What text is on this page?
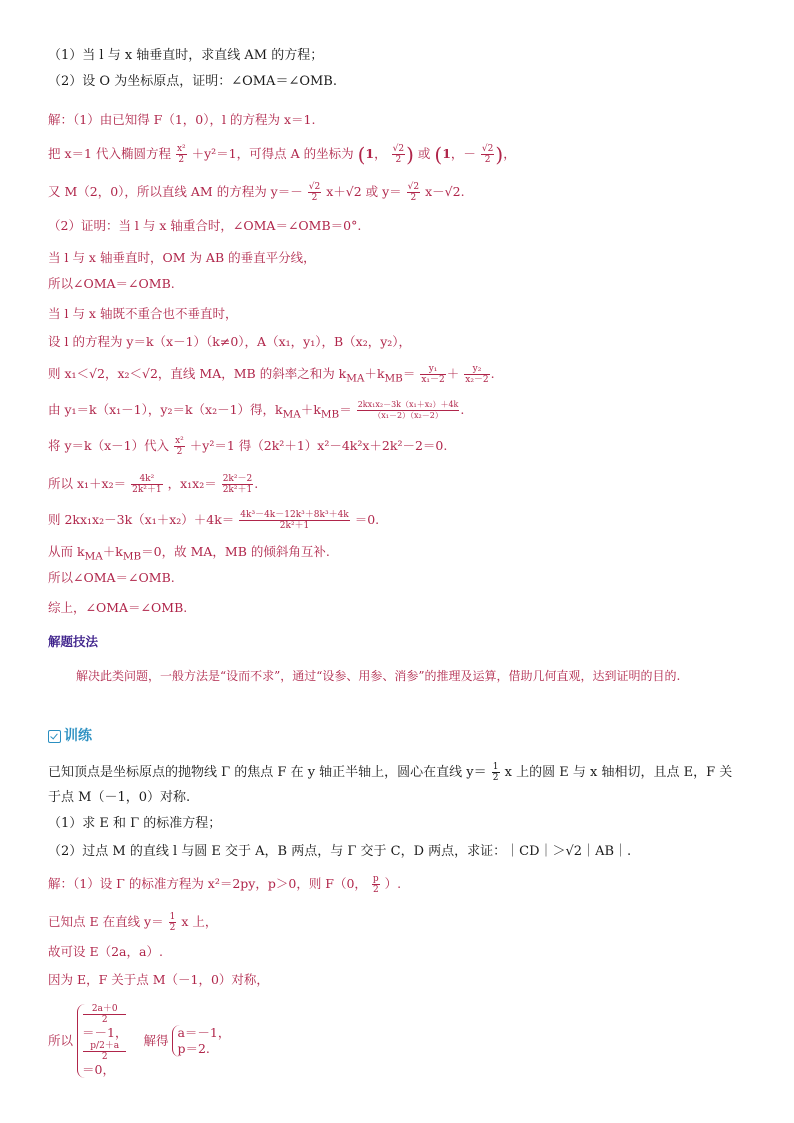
（1）当 l 与 x 轴垂直时，求直线 AM 的方程；
（2）设 O 为坐标原点，证明：∠OMA＝∠OMB.
解：（1）由已知得 F（1，0），l 的方程为 x＝1.
把 x＝1 代入椭圆方程 $\frac{\text{x²}}{2} +y^2=1$，可得点 A 的坐标为 (1， $\frac{√2}{2}$ ) 或 (1，－ $\frac{√2}{2}$ )，
又 M（2，0），所以直线 AM 的方程为 $y=- \frac{√2}{2} x+√2$ 或 $y= \frac{√2}{2} x-√2$.
（2）证明：当 l 与 x 轴重合时，∠OMA＝∠OMB＝0°.
当 l 与 x 轴垂直时，OM 为 AB 的垂直平分线，
所以∠OMA＝∠OMB.
当 l 与 x 轴既不重合也不垂直时，
设 l 的方程为 y＝k（x－1）（k≠0），A（x₁，y₁），B（x₂，y₂），
则 x₁＜√2，x₂＜√2，直线 MA，MB 的斜率之和为 $k_{MA}+k_{MB}= \frac{\text{y₁}}{\text{x₁－2}} + \frac{\text{y₂}}{\text{x₂－2}}$ .
由 y₁＝k（x₁－1），y₂＝k（x₂－1）得，$k_{MA}+k_{MB}= \frac{\text{2kx₁x₂－3k（x₁＋x₂）＋4k}}{\text{（x₁－2）（x₂－2）}}$ .
将 y＝k（x－1）代入 $\frac{\text{x²}}{2} +y^2=1$ 得（2k²＋1）x²－4k²x＋2k²－2＝0.
所以 $x_1+x_2= \frac{\text{4k²}}{\text{2k²＋1}}$ ，$x_1x_2= \frac{\text{2k²－2}}{\text{2k²＋1}}$ .
则 $2kx_1x_2-3k(x_1+x_2)+4k= \frac{\text{4k³－4k－12k³＋8k³＋4k}}{\text{2k²＋1}} =0$.
从而 $k_{MA}+k_{MB}=0$，故 MA，MB 的倾斜角互补.
所以∠OMA＝∠OMB.
综上，∠OMA＝∠OMB.
解题技法
解决此类问题，一般方法是“设而不求”，通过“设参、用参、消参”的推理及运算，借助几何直观，达到证明的目的.
训练
已知顶点是坐标原点的抛物线 Γ 的焦点 F 在 y 轴正半轴上，圆心在直线 $y= \frac{1}{2}$ x 上的圆 E 与 x 轴相切，且点 E，F 关
于点 M（－1，0）对称.
（1）求 E 和 Γ 的标准方程；
（2）过点 M 的直线 l 与圆 E 交于 A，B 两点，与 Γ 交于 C，D 两点，求证：｜CD｜＞√2｜AB｜.
解：（1）设 Γ 的标准方程为 x²＝2py，p＞0，则 F（0， $\frac{p}{2}$ ）.
已知点 E 在直线 $y= \frac{1}{2}$ x 上，
故可设 E（2a，a）.
因为 E，F 关于点 M（－1，0）对称，
所以
2a＋0
2
＝－1，
p/2＋a
2
＝0，
解得
a＝－1，
p＝2.
